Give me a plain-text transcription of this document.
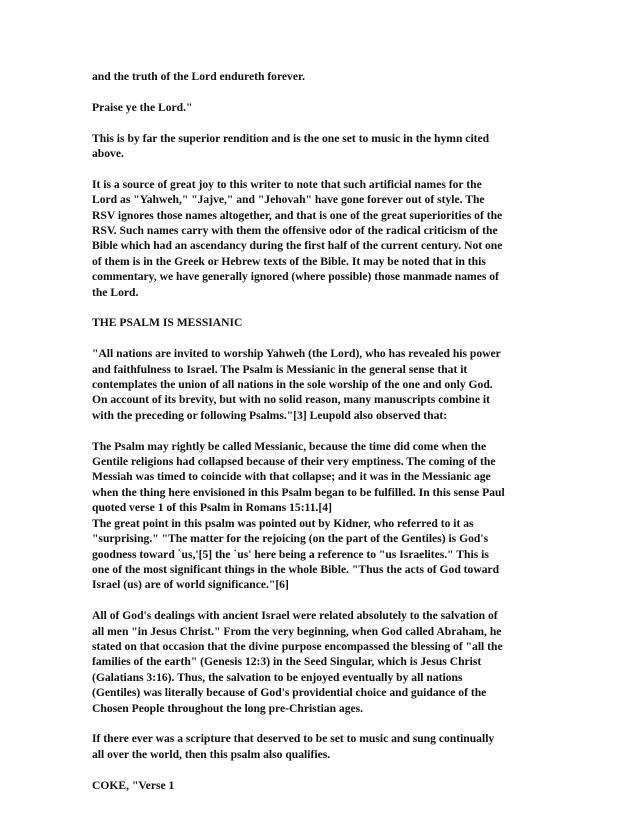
and the truth of the Lord endureth forever.
Praise ye the Lord."
This is by far the superior rendition and is the one set to music in the hymn cited
above.
It is a source of great joy to this writer to note that such artificial names for the
Lord as "Yahweh," "Jajve," and "Jehovah" have gone forever out of style. The
RSV ignores those names altogether, and that is one of the great superiorities of the
RSV. Such names carry with them the offensive odor of the radical criticism of the
Bible which had an ascendancy during the first half of the current century. Not one
of them is in the Greek or Hebrew texts of the Bible. It may be noted that in this
commentary, we have generally ignored (where possible) those manmade names of
the Lord.
THE PSALM IS MESSIANIC
"All nations are invited to worship Yahweh (the Lord), who has revealed his power
and faithfulness to Israel. The Psalm is Messianic in the general sense that it
contemplates the union of all nations in the sole worship of the one and only God.
On account of its brevity, but with no solid reason, many manuscripts combine it
with the preceding or following Psalms."[3] Leupold also observed that:
The Psalm may rightly be called Messianic, because the time did come when the
Gentile religions had collapsed because of their very emptiness. The coming of the
Messiah was timed to coincide with that collapse; and it was in the Messianic age
when the thing here envisioned in this Psalm began to be fulfilled. In this sense Paul
quoted verse 1 of this Psalm in Romans 15:11.[4]
The great point in this psalm was pointed out by Kidner, who referred to it as
"surprising." "The matter for the rejoicing (on the part of the Gentiles) is God's
goodness toward `us,'[5] the `us' here being a reference to "us Israelites." This is
one of the most significant things in the whole Bible. "Thus the acts of God toward
Israel (us) are of world significance."[6]
All of God's dealings with ancient Israel were related absolutely to the salvation of
all men "in Jesus Christ." From the very beginning, when God called Abraham, he
stated on that occasion that the divine purpose encompassed the blessing of "all the
families of the earth" (Genesis 12:3) in the Seed Singular, which is Jesus Christ
(Galatians 3:16). Thus, the salvation to be enjoyed eventually by all nations
(Gentiles) was literally because of God's providential choice and guidance of the
Chosen People throughout the long pre-Christian ages.
If there ever was a scripture that deserved to be set to music and sung continually
all over the world, then this psalm also qualifies.
COKE, "Verse 1
